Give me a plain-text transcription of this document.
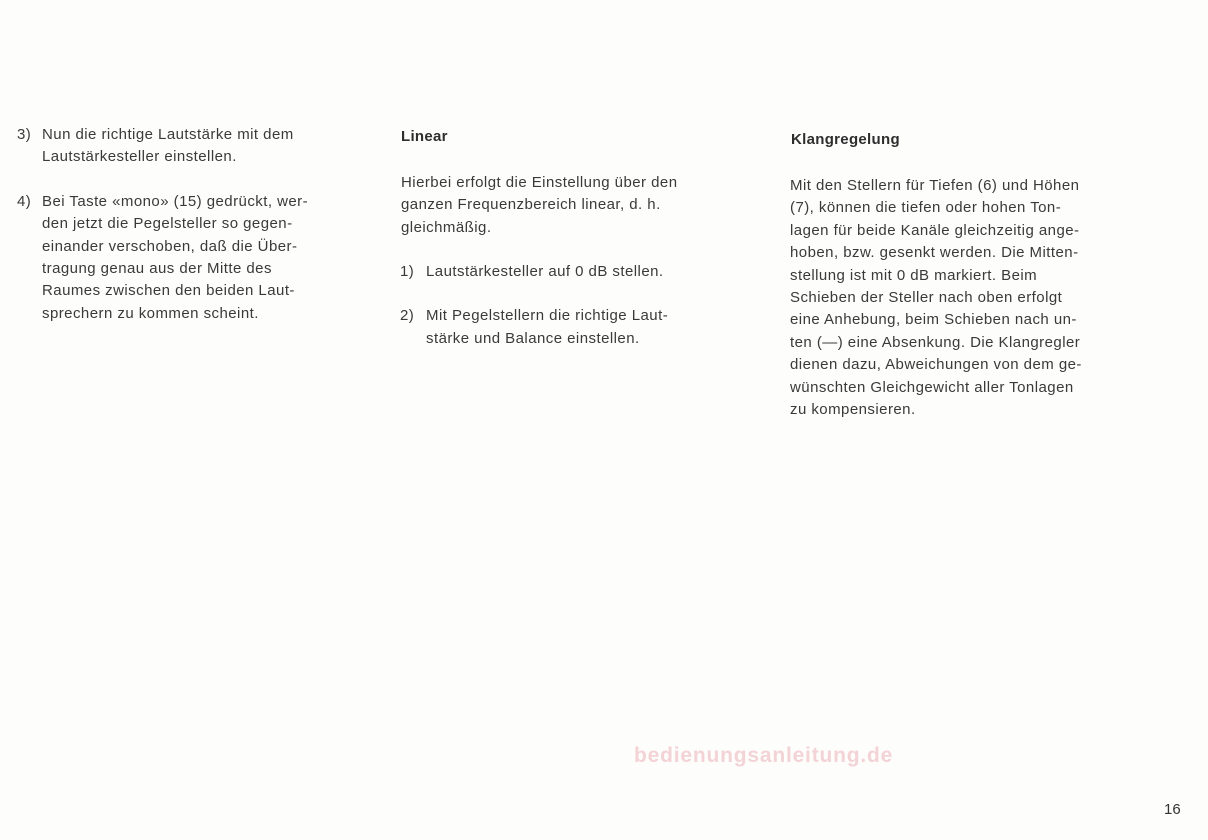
3) Nun die richtige Lautstärke mit dem

Lautstärkesteller einstellen.

4) Bei Taste «mono» (15) gedrückt, wer-

den jetzt die Pegelsteller so gegen-

einander verschoben, daß die Über-

tragung genau aus der Mitte des

Raumes zwischen den beiden Laut-

sprechern zu kommen scheint.

Linear

Hierbei erfolgt die Einstellung über den

ganzen Frequenzbereich linear, d. h.

gleichmäßig.

1) Lautstärkesteller auf 0 dB stellen.

2) Mit Pegelstellern die richtige Laut-

stärke und Balance einstellen.

Klangregelung

Mit den Stellern für Tiefen (6) und Höhen

(7), können die tiefen oder hohen Ton-

lagen für beide Kanäle gleichzeitig ange-

hoben, bzw. gesenkt werden. Die Mitten-

stellung ist mit 0 dB markiert. Beim

Schieben der Steller nach oben erfolgt

eine Anhebung, beim Schieben nach un-

ten (—) eine Absenkung. Die Klangregler

dienen dazu, Abweichungen von dem ge-

wünschten Gleichgewicht aller Tonlagen

zu kompensieren.

bedienungsanleitung.de
16
